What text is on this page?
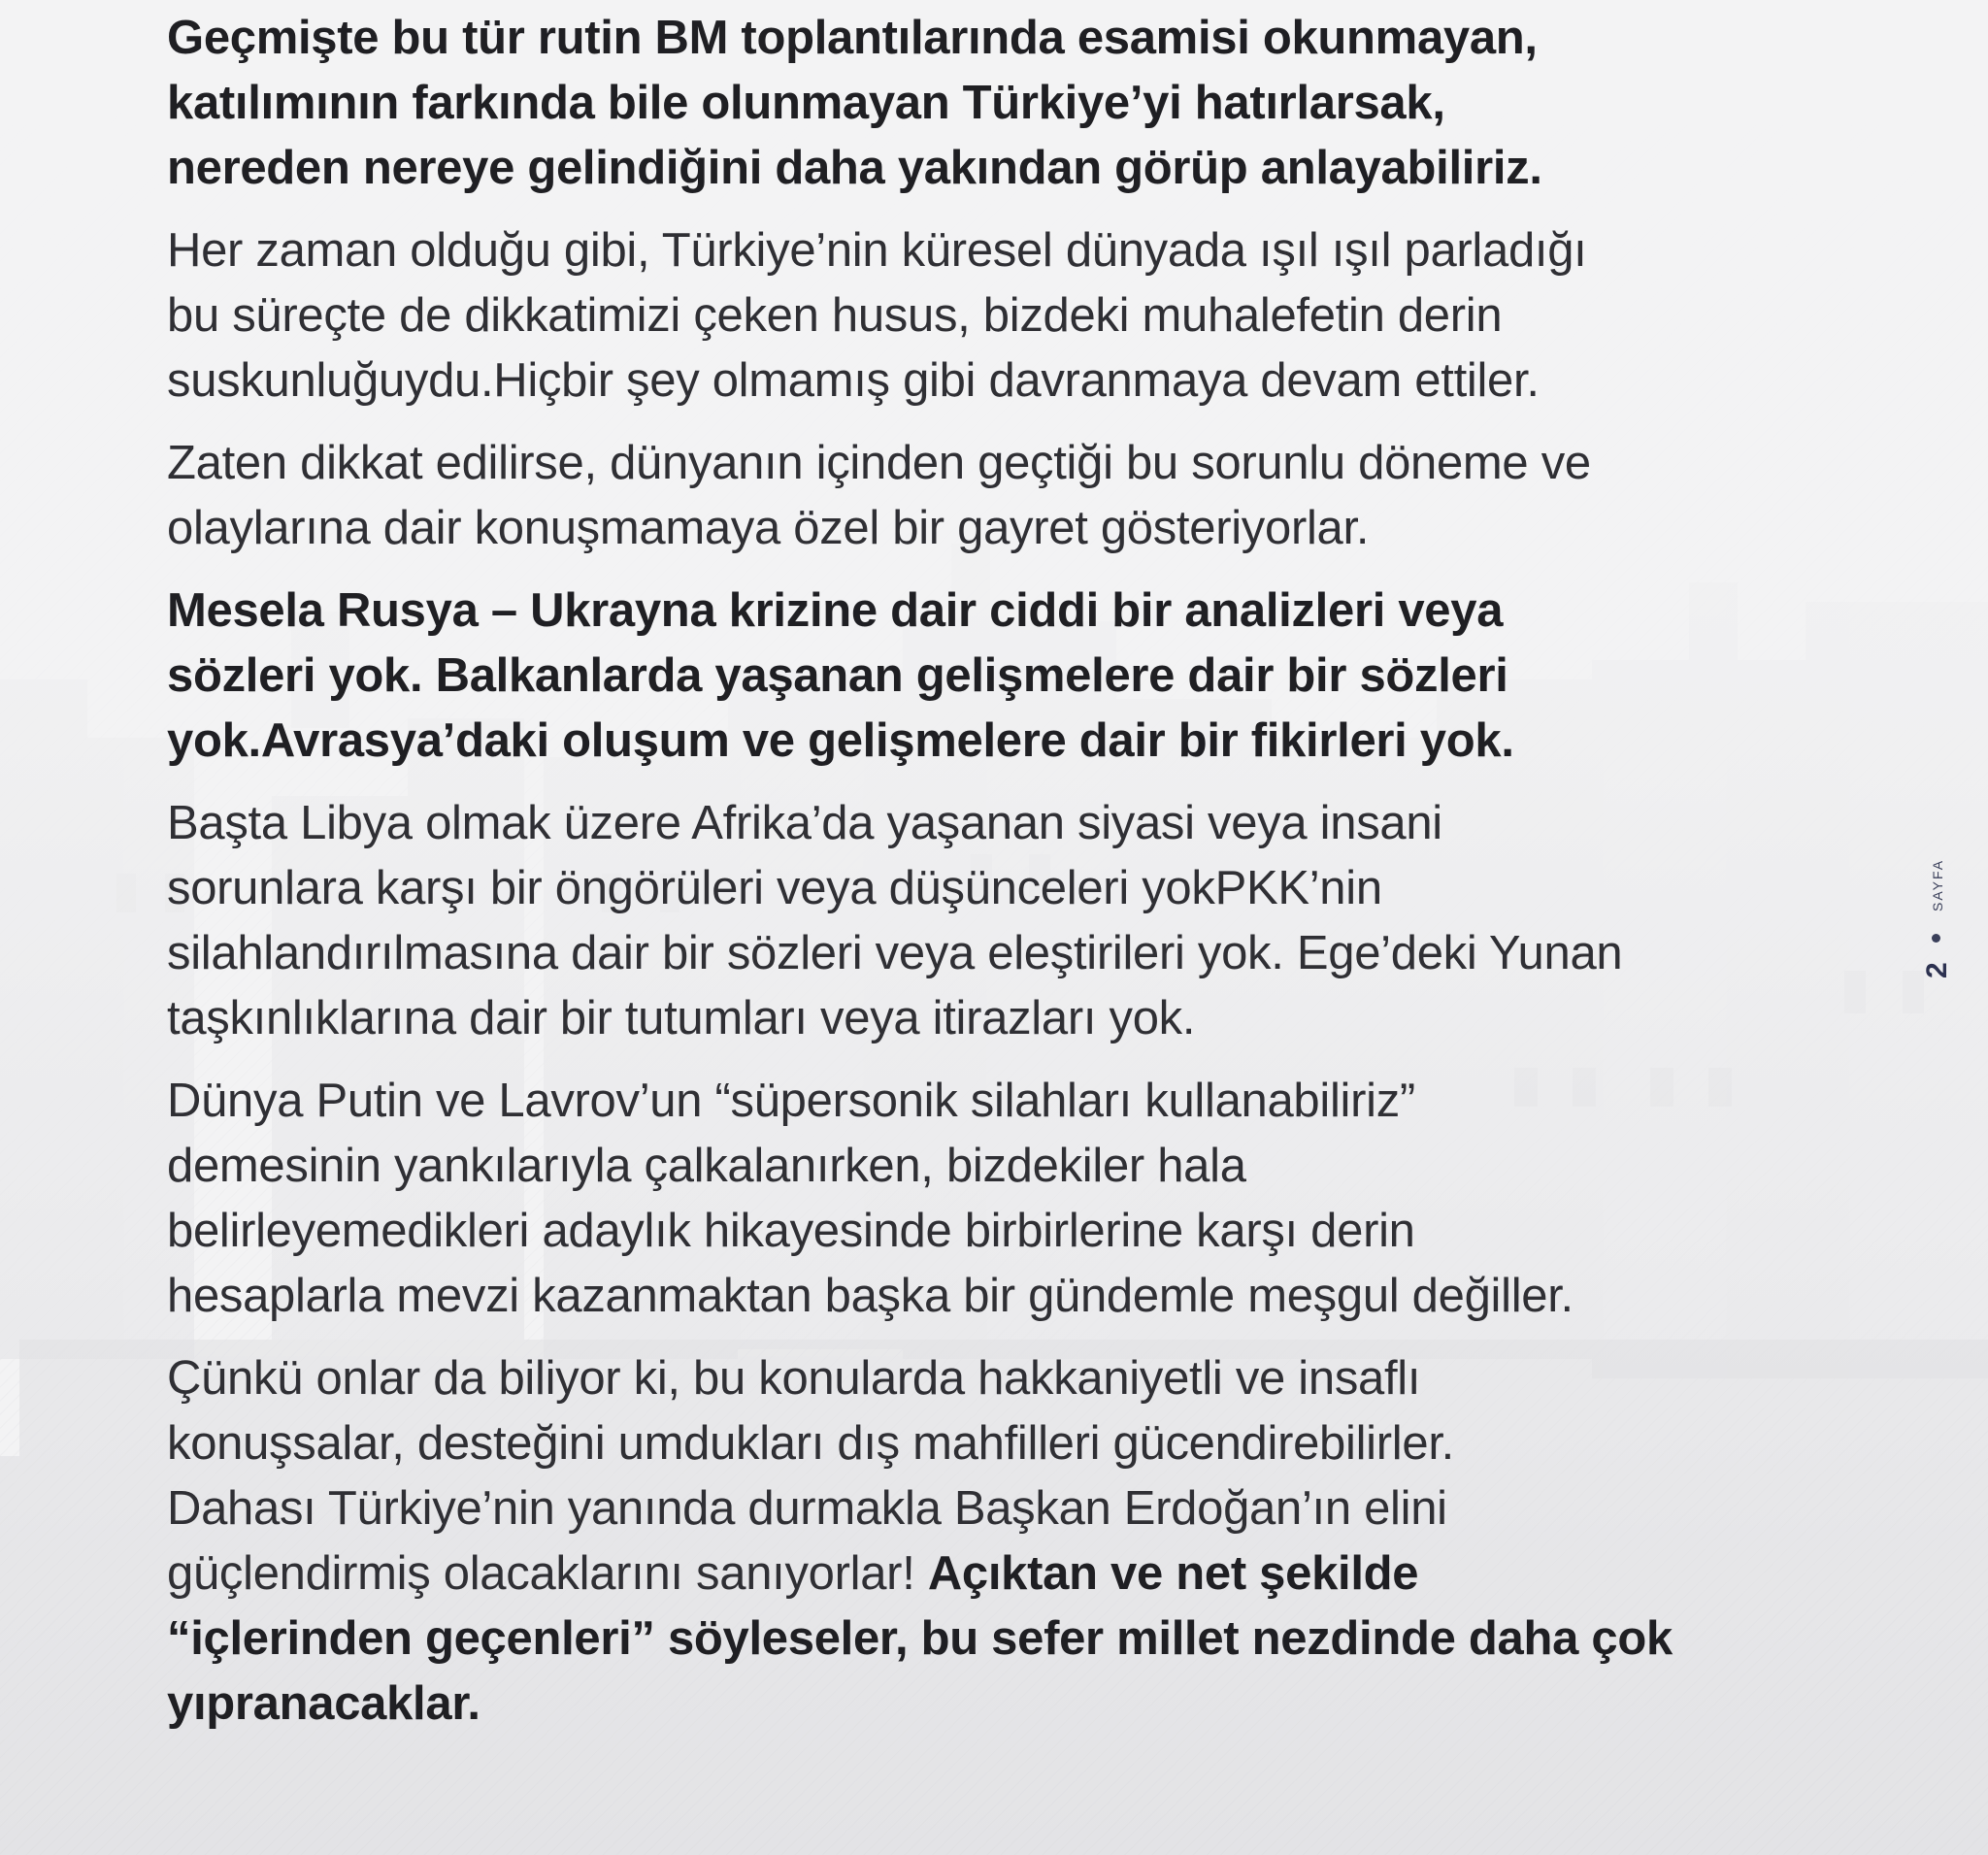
Geçmişte bu tür rutin BM toplantılarında esamisi okunmayan,
katılımının farkında bile olunmayan Türkiye’yi hatırlarsak,
nereden nereye gelindiğini daha yakından görüp anlayabiliriz.

Her zaman olduğu gibi, Türkiye’nin küresel dünyada ışıl ışıl parladığı
bu süreçte de dikkatimizi çeken husus, bizdeki muhalefetin derin
suskunluğuydu.Hiçbir şey olmamış gibi davranmaya devam ettiler.

Zaten dikkat edilirse, dünyanın içinden geçtiği bu sorunlu döneme ve
olaylarına dair konuşmamaya özel bir gayret gösteriyorlar.

Mesela Rusya – Ukrayna krizine dair ciddi bir analizleri veya
sözleri yok. Balkanlarda yaşanan gelişmelere dair bir sözleri
yok.Avrasya’daki oluşum ve gelişmelere dair bir fikirleri yok.

Başta Libya olmak üzere Afrika’da yaşanan siyasi veya insani
sorunlara karşı bir öngörüleri veya düşünceleri yokPKK’nin
silahlandırılmasına dair bir sözleri veya eleştirileri yok. Ege’deki Yunan
taşkınlıklarına dair bir tutumları veya itirazları yok.

Dünya Putin ve Lavrov’un “süpersonik silahları kullanabiliriz”
demesinin yankılarıyla çalkalanırken, bizdekiler hala
belirleyemedikleri adaylık hikayesinde birbirlerine karşı derin
hesaplarla mevzi kazanmaktan başka bir gündemle meşgul değiller.

Çünkü onlar da biliyor ki, bu konularda hakkaniyetli ve insaflı
konuşsalar, desteğini umdukları dış mahfilleri gücendirebilirler.
Dahası Türkiye’nin yanında durmakla Başkan Erdoğan’ın elini
güçlendirmiş olacaklarını sanıyorlar! Açıktan ve net şekilde
“içlerinden geçenleri” söyleseler, bu sefer millet nezdinde daha çok
yıpranacaklar.

SAYFA
2
